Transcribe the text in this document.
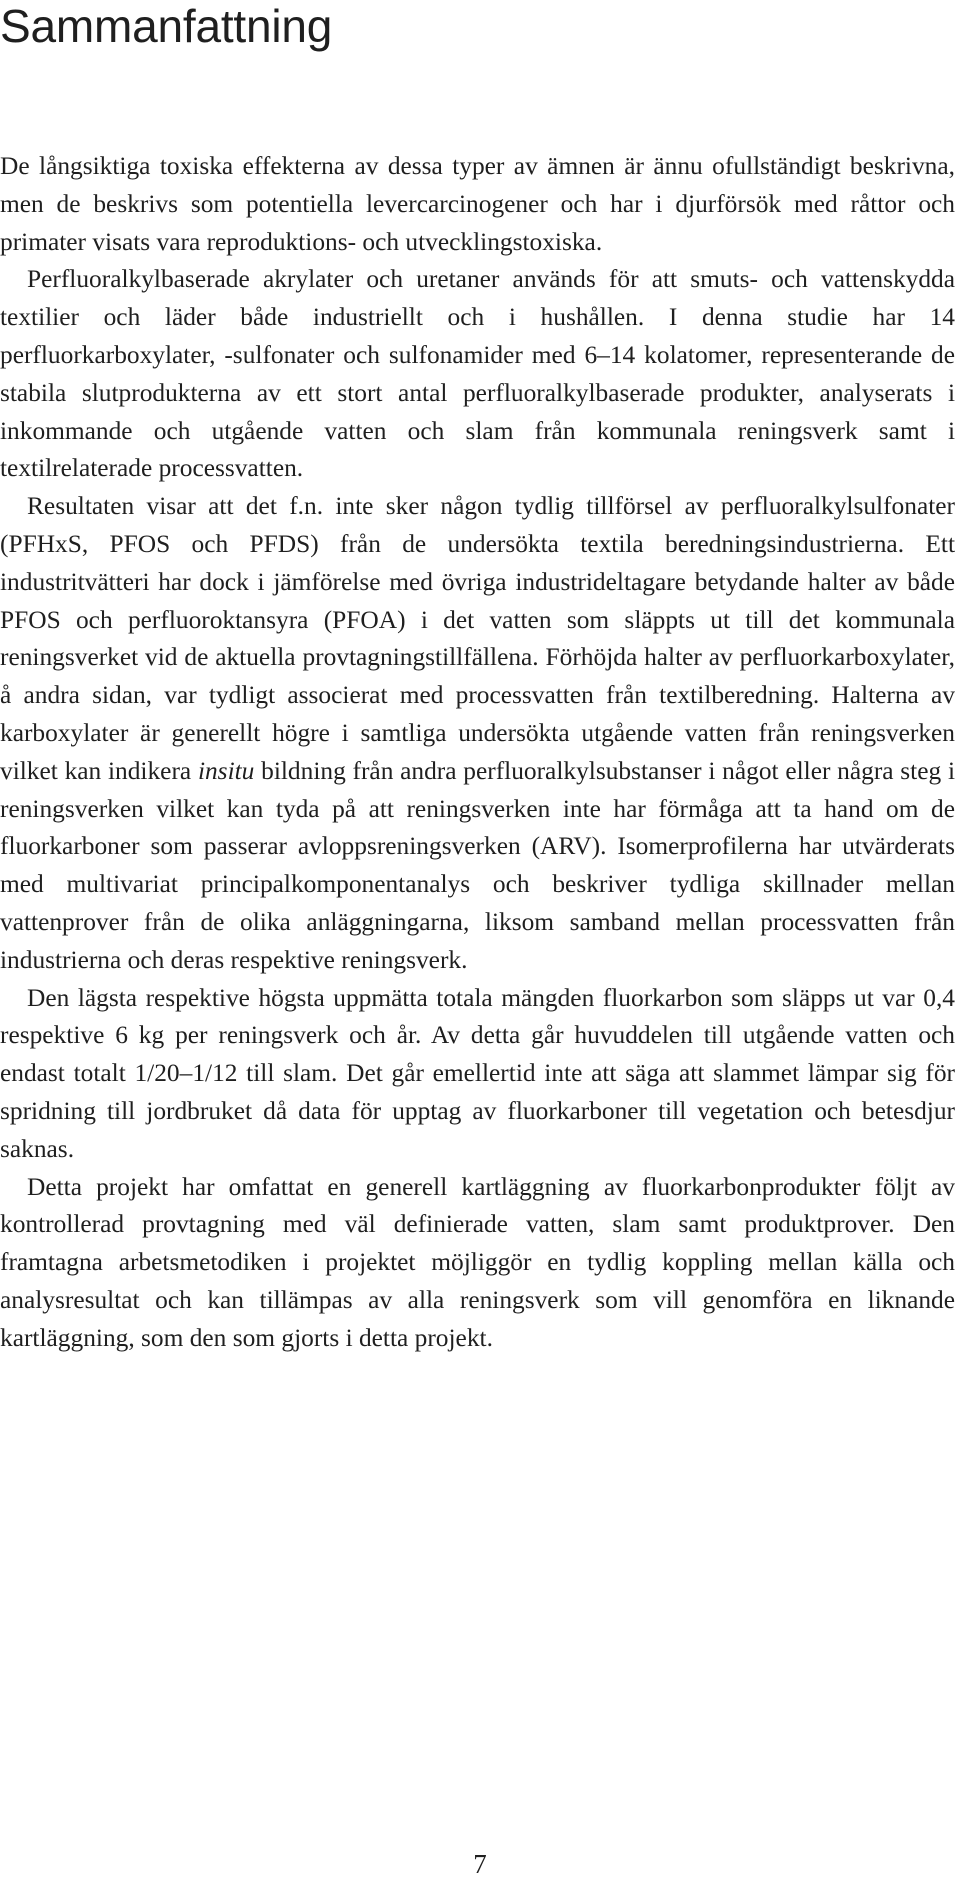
Sammanfattning

De långsiktiga toxiska effekterna av dessa typer av ämnen är ännu ofullständigt beskrivna, men de beskrivs som potentiella levercarcinogener och har i djurförsök med råttor och primater visats vara reproduktions- och utvecklingstoxiska.

Perfluoralkylbaserade akrylater och uretaner används för att smuts- och vattenskydda textilier och läder både industriellt och i hushållen. I denna studie har 14 perfluorkarboxylater, -sulfonater och sulfonamider med 6–14 kolatomer, representerande de stabila slutprodukterna av ett stort antal perfluoralkylbaserade produkter, analyserats i inkommande och utgående vatten och slam från kommunala reningsverk samt i textilrelaterade processvatten.

Resultaten visar att det f.n. inte sker någon tydlig tillförsel av perfluoralkylsulfonater (PFHxS, PFOS och PFDS) från de undersökta textila beredningsindustrierna. Ett industritvätteri har dock i jämförelse med övriga industrideltagare betydande halter av både PFOS och perfluoroktansyra (PFOA) i det vatten som släppts ut till det kommunala reningsverket vid de aktuella provtagningstillfällena. Förhöjda halter av perfluorkarboxylater, å andra sidan, var tydligt associerat med processvatten från textilberedning. Halterna av karboxylater är generellt högre i samtliga undersökta utgående vatten från reningsverken vilket kan indikera insitu bildning från andra perfluoralkylsubstanser i något eller några steg i reningsverken vilket kan tyda på att reningsverken inte har förmåga att ta hand om de fluorkarboner som passerar avloppsreningsverken (ARV). Isomerprofilerna har utvärderats med multivariat principalkomponentanalys och beskriver tydliga skillnader mellan vattenprover från de olika anläggningarna, liksom samband mellan processvatten från industrierna och deras respektive reningsverk.

Den lägsta respektive högsta uppmätta totala mängden fluorkarbon som släpps ut var 0,4 respektive 6 kg per reningsverk och år. Av detta går huvuddelen till utgående vatten och endast totalt 1/20–1/12 till slam. Det går emellertid inte att säga att slammet lämpar sig för spridning till jordbruket då data för upptag av fluorkarboner till vegetation och betesdjur saknas.

Detta projekt har omfattat en generell kartläggning av fluorkarbonprodukter följt av kontrollerad provtagning med väl definierade vatten, slam samt produktprover. Den framtagna arbetsmetodiken i projektet möjliggör en tydlig koppling mellan källa och analysresultat och kan tillämpas av alla reningsverk som vill genomföra en liknande kartläggning, som den som gjorts i detta projekt.

7
